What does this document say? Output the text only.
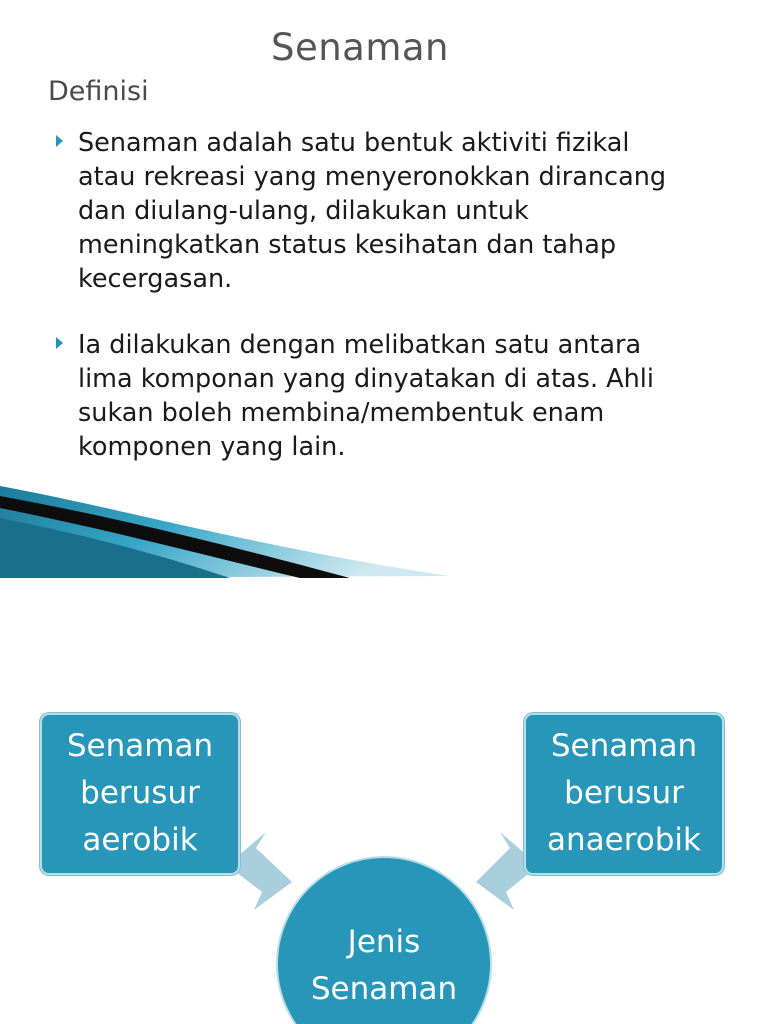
Senaman
Definisi
Senaman adalah satu bentuk aktiviti fizikal
atau rekreasi yang menyeronokkan dirancang
dan diulang-ulang, dilakukan untuk
meningkatkan status kesihatan dan tahap
kecergasan.
Ia dilakukan dengan melibatkan satu antara
lima komponan yang dinyatakan di atas. Ahli
sukan boleh membina/membentuk enam
komponen yang lain.
Senaman
berusur
aerobik
Senaman
berusur
anaerobik
Jenis
Senaman
